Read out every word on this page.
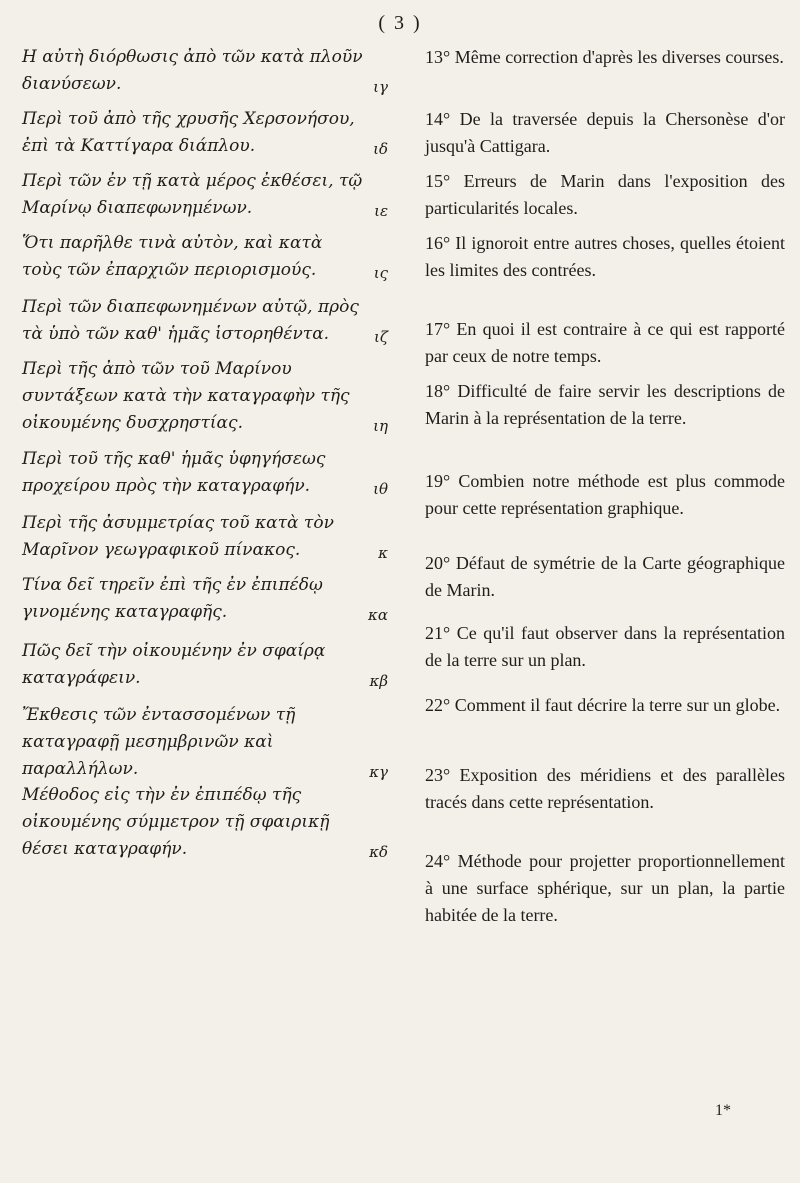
( 3 )
Η αὐτὴ διόρθωσις ἀπὸ τῶν κατὰ πλοῦν διανύσεων.	ιγ
Περὶ τοῦ ἀπὸ τῆς χρυσῆς Χερσονήσου, ἐπὶ τὰ Καττίγαρα διάπλου.	ιδ
Περὶ τῶν ἐν τῇ κατὰ μέρος ἐκθέσει, τῷ Μαρίνῳ διαπεφωνημένων.	ιε
Ὅτι παρῆλθε τινὰ αὐτὸν, καὶ κατὰ τοὺς τῶν ἐπαρχιῶν περιορισμούς.	ις
Περὶ τῶν διαπεφωνημένων αὐτῷ, πρὸς τὰ ὑπὸ τῶν καθ' ἡμᾶς ἱστορηθέντα.	ιζ
Περὶ τῆς ἀπὸ τῶν τοῦ Μαρίνου συντάξεων κατὰ τὴν καταγραφὴν τῆς οἰκουμένης δυσχρηστίας.	ιη
Περὶ τοῦ τῆς καθ' ἡμᾶς ὑφηγήσεως προχείρου πρὸς τὴν καταγραφήν.	ιθ
Περὶ τῆς ἀσυμμετρίας τοῦ κατὰ τὸν Μαρῖνον γεωγραφικοῦ πίνακος.	κ
Τίνα δεῖ τηρεῖν ἐπὶ τῆς ἐν ἐπιπέδῳ γινομένης καταγραφῆς.	κα
Πῶς δεῖ τὴν οἰκουμένην ἐν σφαίρᾳ καταγράφειν.	κβ
Ἔκθεσις τῶν ἐντασσομένων τῇ καταγραφῇ μεσημβρινῶν καὶ παραλλήλων.	κγ
Μέθοδος εἰς τὴν ἐν ἐπιπέδῳ τῆς οἰκουμένης σύμμετρον τῇ σφαιρικῇ θέσει καταγραφήν.	κδ
13° Même correction d'après les diverses courses.
14° De la traversée depuis la Chersonèse d'or jusqu'à Cattigara.
15° Erreurs de Marin dans l'exposition des particularités locales.
16° Il ignoroit entre autres choses, quelles étoient les limites des contrées.
17° En quoi il est contraire à ce qui est rapporté par ceux de notre temps.
18° Difficulté de faire servir les descriptions de Marin à la représentation de la terre.
19° Combien notre méthode est plus commode pour cette représentation graphique.
20° Défaut de symétrie de la Carte géographique de Marin.
21° Ce qu'il faut observer dans la représentation de la terre sur un plan.
22° Comment il faut décrire la terre sur un globe.
23° Exposition des méridiens et des parallèles tracés dans cette représentation.
24° Méthode pour projetter proportionnellement à une surface sphérique, sur un plan, la partie habitée de la terre.
1*
